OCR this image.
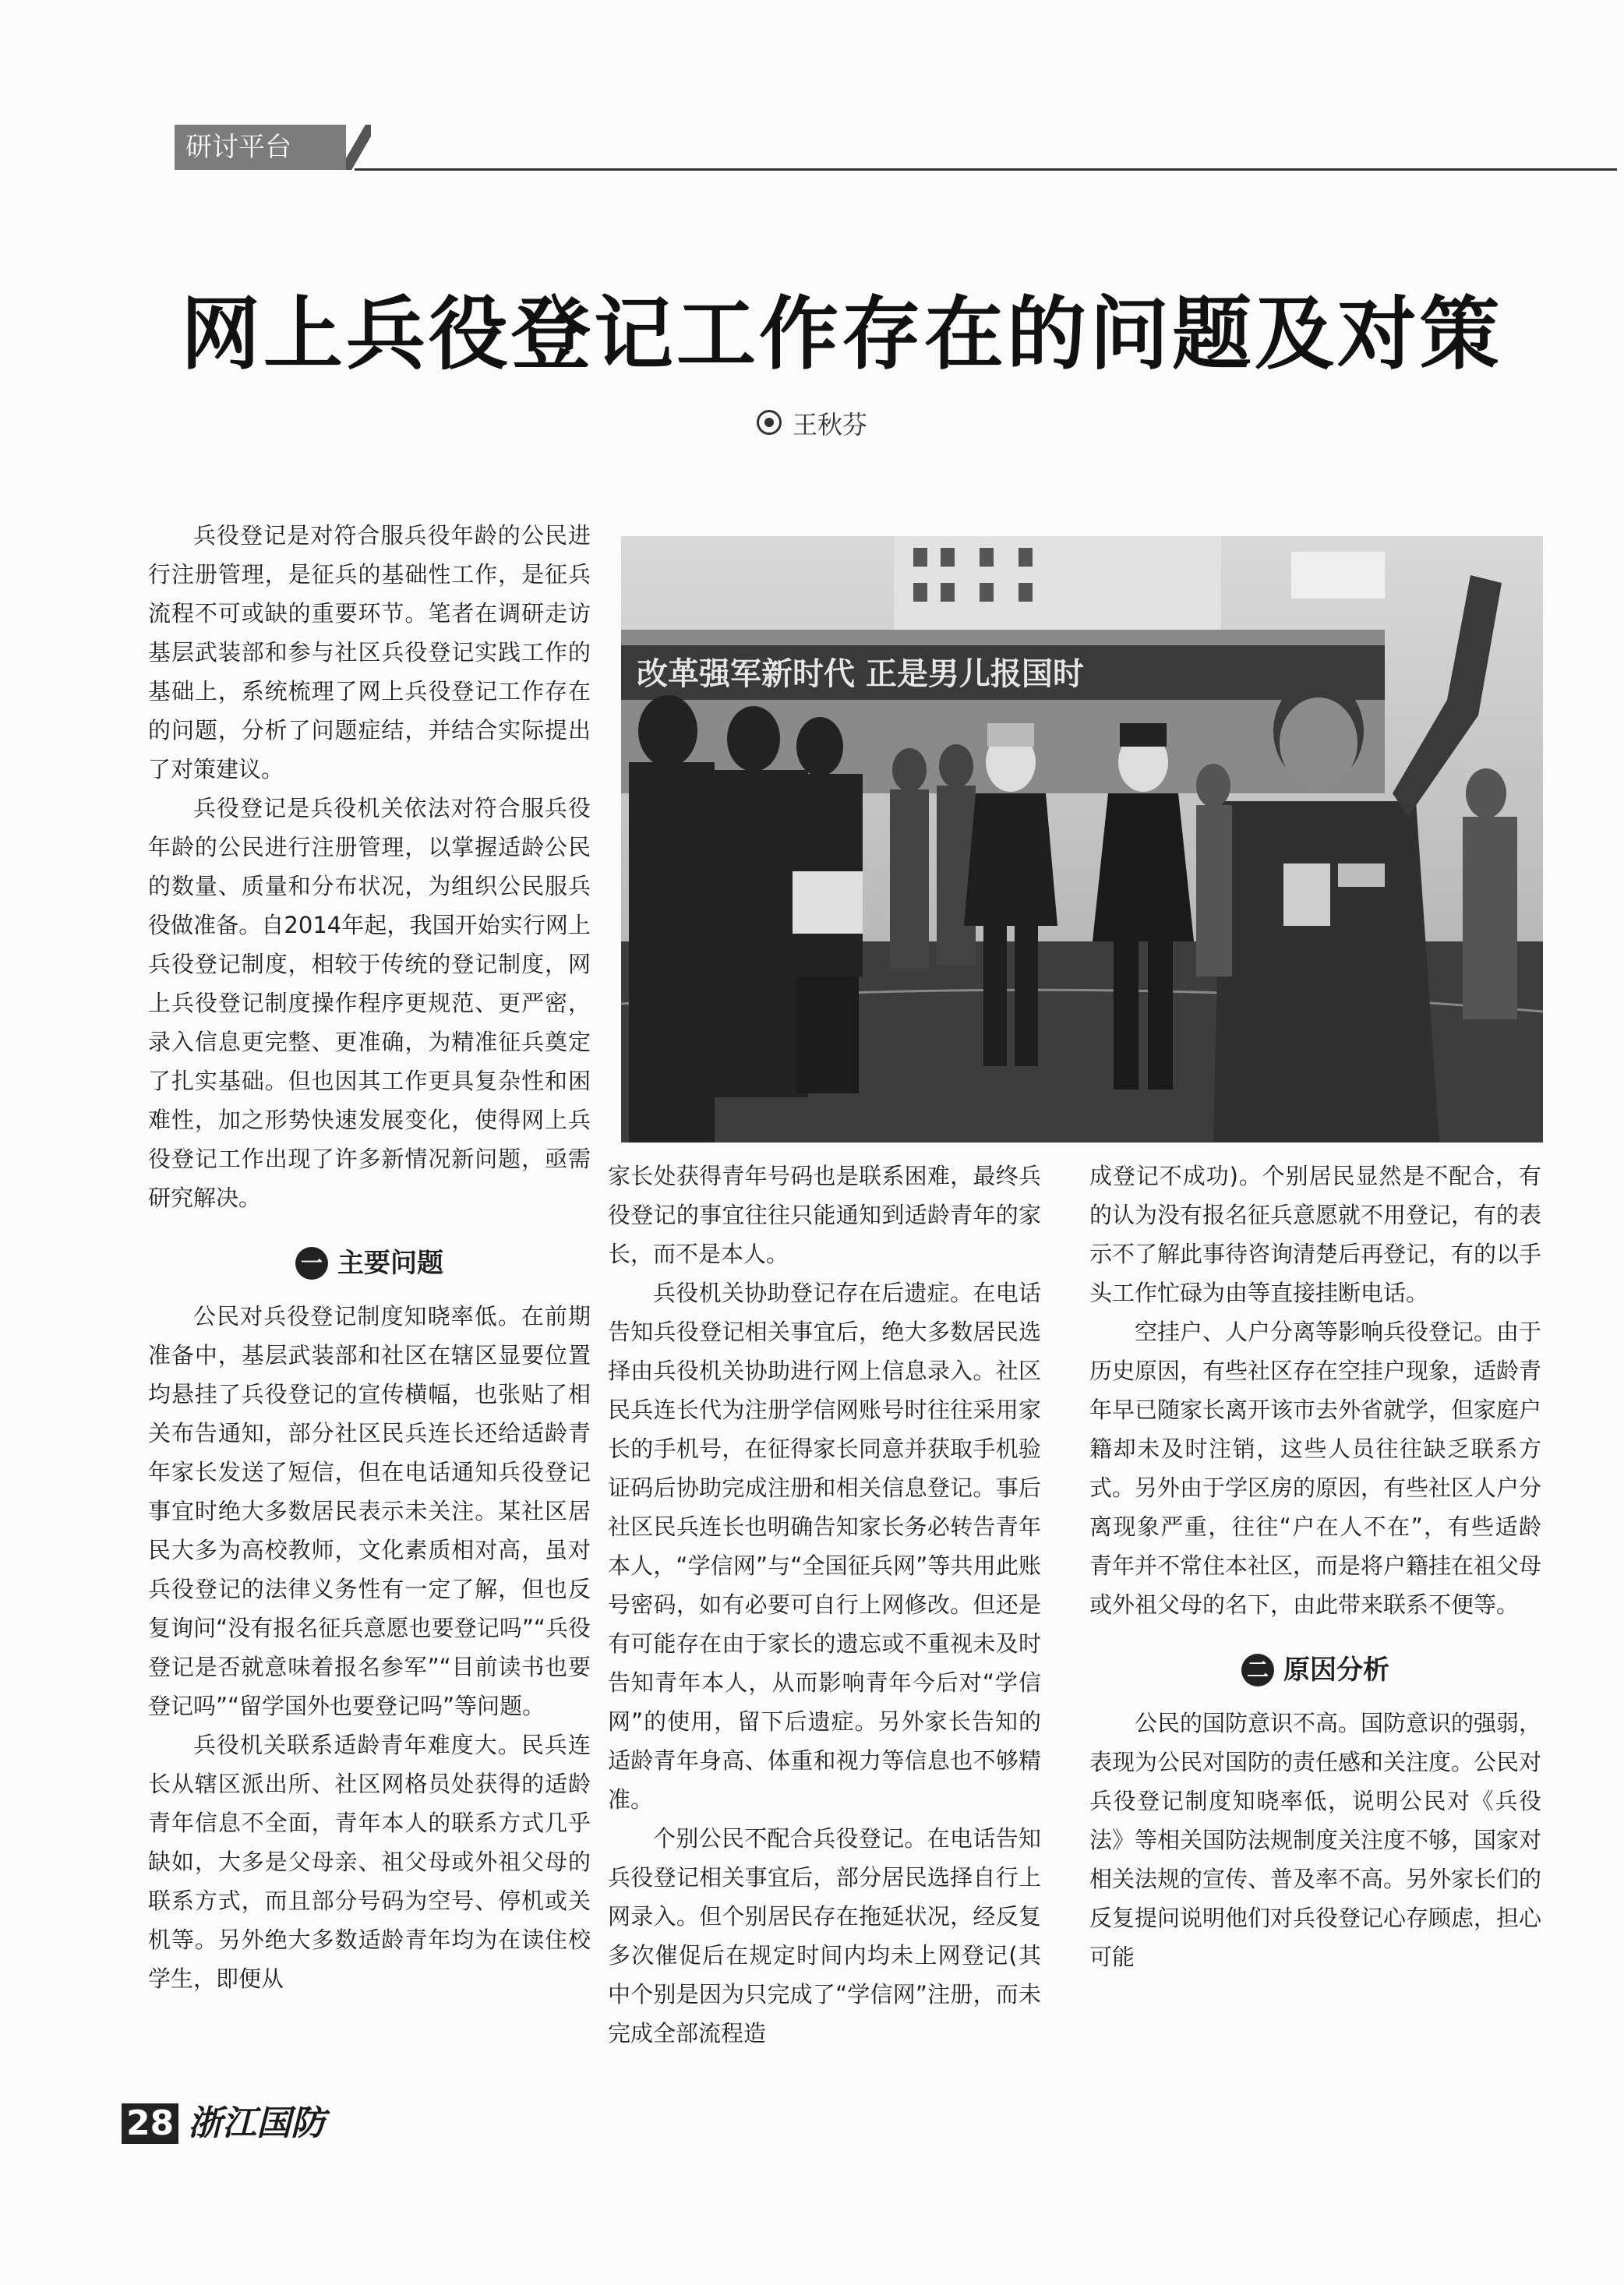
研讨平台
网上兵役登记工作存在的问题及对策
王秋芬

兵役登记是对符合服兵役年龄的公民进行注册管理，是征兵的基础性工作，是征兵流程不可或缺的重要环节。笔者在调研走访基层武装部和参与社区兵役登记实践工作的基础上，系统梳理了网上兵役登记工作存在的问题，分析了问题症结，并结合实际提出了对策建议。

兵役登记是兵役机关依法对符合服兵役年龄的公民进行注册管理，以掌握适龄公民的数量、质量和分布状况，为组织公民服兵役做准备。自2014年起，我国开始实行网上兵役登记制度，相较于传统的登记制度，网上兵役登记制度操作程序更规范、更严密，录入信息更完整、更准确，为精准征兵奠定了扎实基础。但也因其工作更具复杂性和困难性，加之形势快速发展变化，使得网上兵役登记工作出现了许多新情况新问题，亟需研究解决。

一 主要问题

公民对兵役登记制度知晓率低。在前期准备中，基层武装部和社区在辖区显要位置均悬挂了兵役登记的宣传横幅，也张贴了相关布告通知，部分社区民兵连长还给适龄青年家长发送了短信，但在电话通知兵役登记事宜时绝大多数居民表示未关注。某社区居民大多为高校教师，文化素质相对高，虽对兵役登记的法律义务性有一定了解，但也反复询问“没有报名征兵意愿也要登记吗”“兵役登记是否就意味着报名参军”“目前读书也要登记吗”“留学国外也要登记吗”等问题。

兵役机关联系适龄青年难度大。民兵连长从辖区派出所、社区网格员处获得的适龄青年信息不全面，青年本人的联系方式几乎缺如，大多是父母亲、祖父母或外祖父母的联系方式，而且部分号码为空号、停机或关机等。另外绝大多数适龄青年均为在读住校学生，即便从

改革强军新时代 正是男儿报国时

家长处获得青年号码也是联系困难，最终兵役登记的事宜往往只能通知到适龄青年的家长，而不是本人。

兵役机关协助登记存在后遗症。在电话告知兵役登记相关事宜后，绝大多数居民选择由兵役机关协助进行网上信息录入。社区民兵连长代为注册学信网账号时往往采用家长的手机号，在征得家长同意并获取手机验证码后协助完成注册和相关信息登记。事后社区民兵连长也明确告知家长务必转告青年本人，“学信网”与“全国征兵网”等共用此账号密码，如有必要可自行上网修改。但还是有可能存在由于家长的遗忘或不重视未及时告知青年本人，从而影响青年今后对“学信网”的使用，留下后遗症。另外家长告知的适龄青年身高、体重和视力等信息也不够精准。

个别公民不配合兵役登记。在电话告知兵役登记相关事宜后，部分居民选择自行上网录入。但个别居民存在拖延状况，经反复多次催促后在规定时间内均未上网登记(其中个别是因为只完成了“学信网”注册，而未完成全部流程造

成登记不成功)。个别居民显然是不配合，有的认为没有报名征兵意愿就不用登记，有的表示不了解此事待咨询清楚后再登记，有的以手头工作忙碌为由等直接挂断电话。

空挂户、人户分离等影响兵役登记。由于历史原因，有些社区存在空挂户现象，适龄青年早已随家长离开该市去外省就学，但家庭户籍却未及时注销，这些人员往往缺乏联系方式。另外由于学区房的原因，有些社区人户分离现象严重，往往“户在人不在”，有些适龄青年并不常住本社区，而是将户籍挂在祖父母或外祖父母的名下，由此带来联系不便等。

二 原因分析

公民的国防意识不高。国防意识的强弱，表现为公民对国防的责任感和关注度。公民对兵役登记制度知晓率低，说明公民对《兵役法》等相关国防法规制度关注度不够，国家对相关法规的宣传、普及率不高。另外家长们的反复提问说明他们对兵役登记心存顾虑，担心可能

28 浙江国防
